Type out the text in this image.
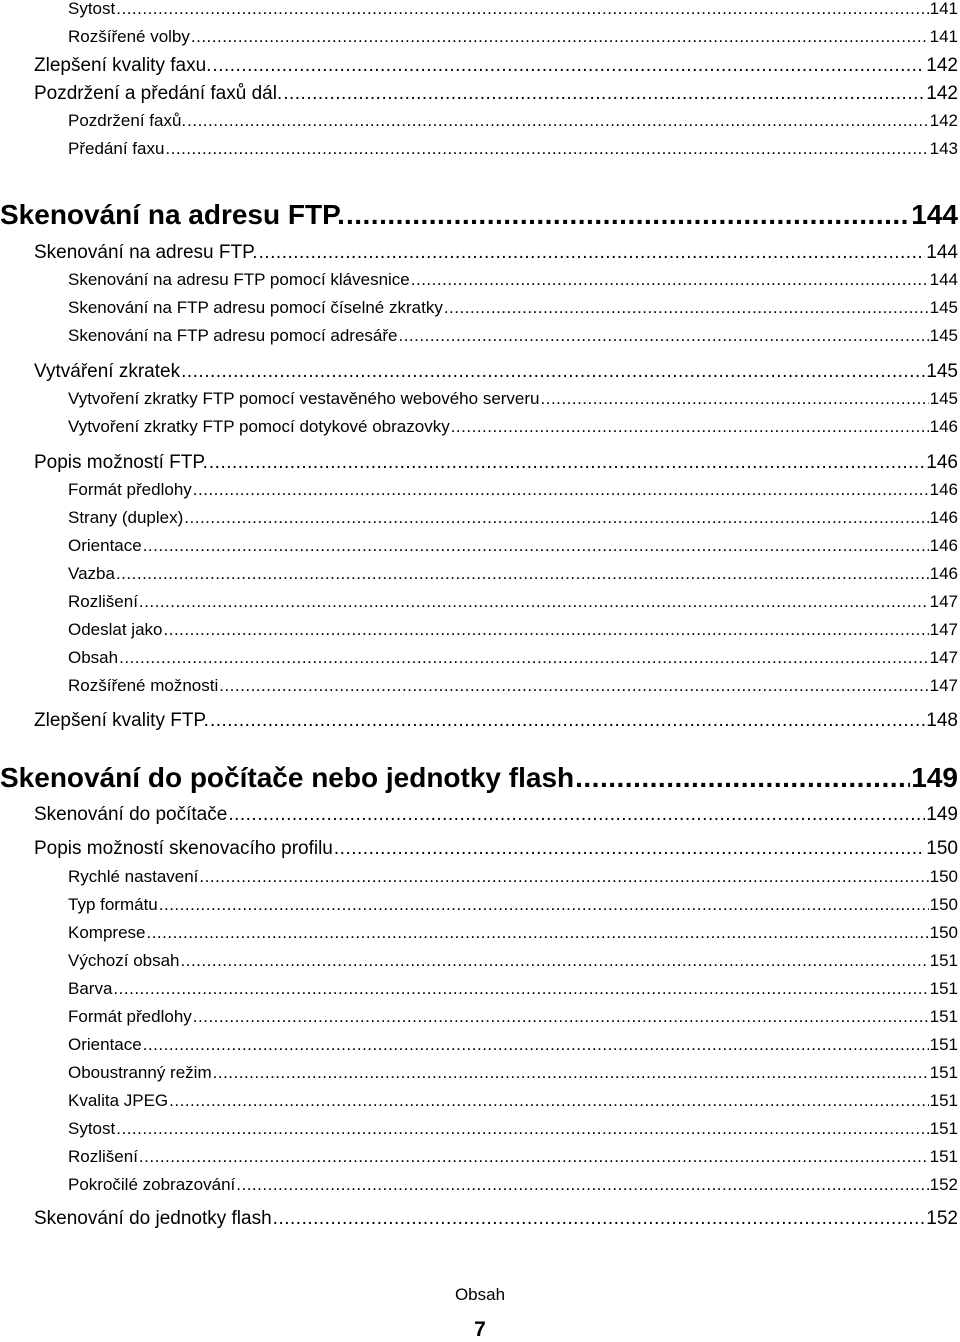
Sytost .....	141
Rozšířené volby .....	141
Zlepšení kvality faxu. .....	142
Pozdržení a předání faxů dál. .....	142
Pozdržení faxů. .....	142
Předání faxu .....	143
Skenování na adresu FTP. .....	144
Skenování na adresu FTP. .....	144
Skenování na adresu FTP pomocí klávesnice .....	144
Skenování na FTP adresu pomocí číselné zkratky .....	145
Skenování na FTP adresu pomocí adresáře .....	145
Vytváření zkratek .....	145
Vytvoření zkratky FTP pomocí vestavěného webového serveru .....	145
Vytvoření zkratky FTP pomocí dotykové obrazovky .....	146
Popis možností FTP. .....	146
Formát předlohy .....	146
Strany (duplex) .....	146
Orientace .....	146
Vazba .....	146
Rozlišení .....	147
Odeslat jako .....	147
Obsah .....	147
Rozšířené možnosti .....	147
Zlepšení kvality FTP. .....	148
Skenování do počítače nebo jednotky flash .....	149
Skenování do počítače .....	149
Popis možností skenovacího profilu .....	150
Rychlé nastavení .....	150
Typ formátu .....	150
Komprese .....	150
Výchozí obsah .....	151
Barva .....	151
Formát předlohy .....	151
Orientace .....	151
Oboustranný režim .....	151
Kvalita JPEG .....	151
Sytost .....	151
Rozlišení .....	151
Pokročilé zobrazování .....	152
Skenování do jednotky flash .....	152
Obsah
7
